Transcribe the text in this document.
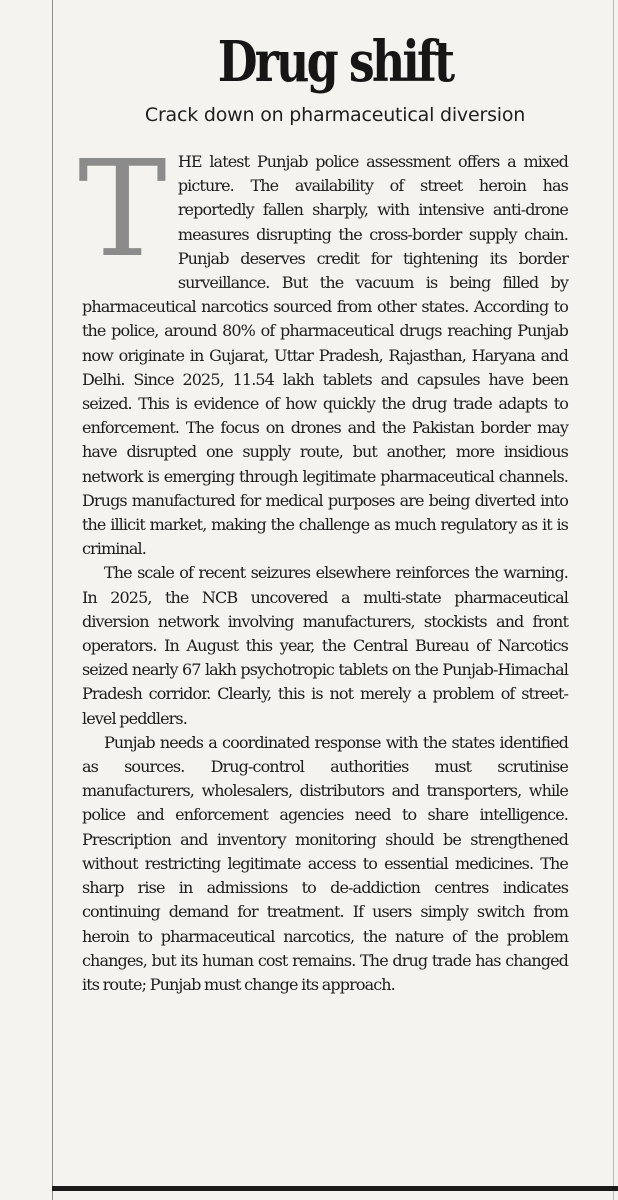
Drug shift
Crack down on pharmaceutical diversion

THE latest Punjab police assessment offers a mixed picture. The availability of street heroin has reportedly fallen sharply, with intensive anti-drone measures disrupting the cross-border supply chain. Punjab deserves credit for tightening its border surveillance. But the vacuum is being filled by pharmaceutical narcotics sourced from other states. According to the police, around 80% of pharmaceutical drugs reaching Punjab now originate in Gujarat, Uttar Pradesh, Rajasthan, Haryana and Delhi. Since 2025, 11.54 lakh tablets and capsules have been seized. This is evidence of how quickly the drug trade adapts to enforcement. The focus on drones and the Pakistan border may have disrupted one supply route, but another, more insidious network is emerging through legitimate pharmaceutical channels. Drugs manufactured for medical purposes are being diverted into the illicit market, making the challenge as much regulatory as it is criminal.

The scale of recent seizures elsewhere reinforces the warning. In 2025, the NCB uncovered a multi-state pharmaceutical diversion network involving manufacturers, stockists and front operators. In August this year, the Central Bureau of Narcotics seized nearly 67 lakh psychotropic tablets on the Punjab-Himachal Pradesh corridor. Clearly, this is not merely a problem of street-level peddlers.

Punjab needs a coordinated response with the states identified as sources. Drug-control authorities must scrutinise manufacturers, wholesalers, distributors and transporters, while police and enforcement agencies need to share intelligence. Prescription and inventory monitoring should be strengthened without restricting legitimate access to essential medicines. The sharp rise in admissions to de-addiction centres indicates continuing demand for treatment. If users simply switch from heroin to pharmaceutical narcotics, the nature of the problem changes, but its human cost remains. The drug trade has changed its route; Punjab must change its approach.
